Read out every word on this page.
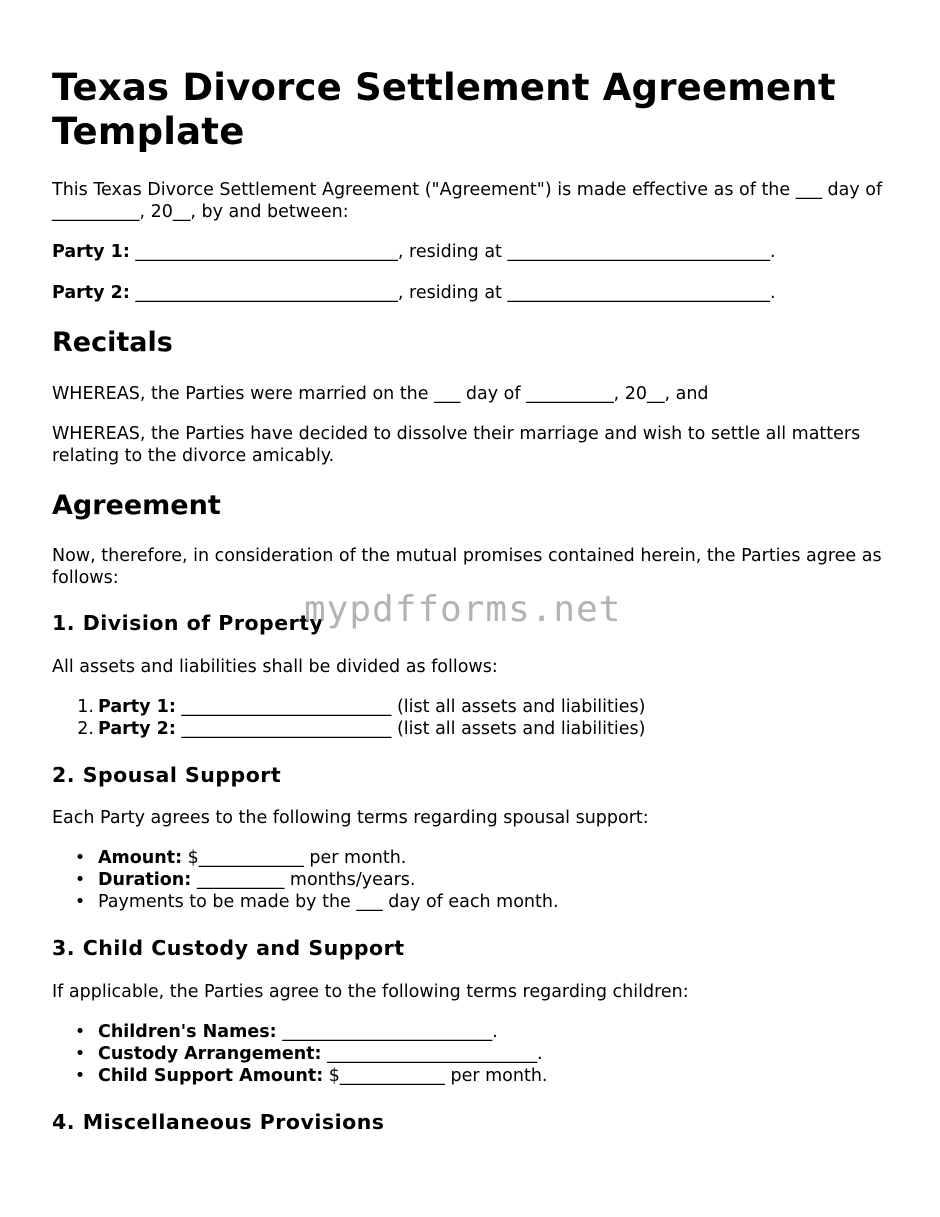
Texas Divorce Settlement Agreement Template

This Texas Divorce Settlement Agreement ("Agreement") is made effective as of the ___ day of __________, 20__, by and between:

Party 1: ______________________________, residing at ______________________________.

Party 2: ______________________________, residing at ______________________________.

Recitals

WHEREAS, the Parties were married on the ___ day of __________, 20__, and

WHEREAS, the Parties have decided to dissolve their marriage and wish to settle all matters relating to the divorce amicably.

Agreement

Now, therefore, in consideration of the mutual promises contained herein, the Parties agree as follows:

1. Division of Property

All assets and liabilities shall be divided as follows:

1. Party 1: ________________________ (list all assets and liabilities)
2. Party 2: ________________________ (list all assets and liabilities)
2. Spousal Support

Each Party agrees to the following terms regarding spousal support:

• Amount: $____________ per month.
• Duration: __________ months/years.
• Payments to be made by the ___ day of each month.
3. Child Custody and Support

If applicable, the Parties agree to the following terms regarding children:

• Children's Names: ________________________.
• Custody Arrangement: ________________________.
• Child Support Amount: $____________ per month.
4. Miscellaneous Provisions
mypdfforms.net
